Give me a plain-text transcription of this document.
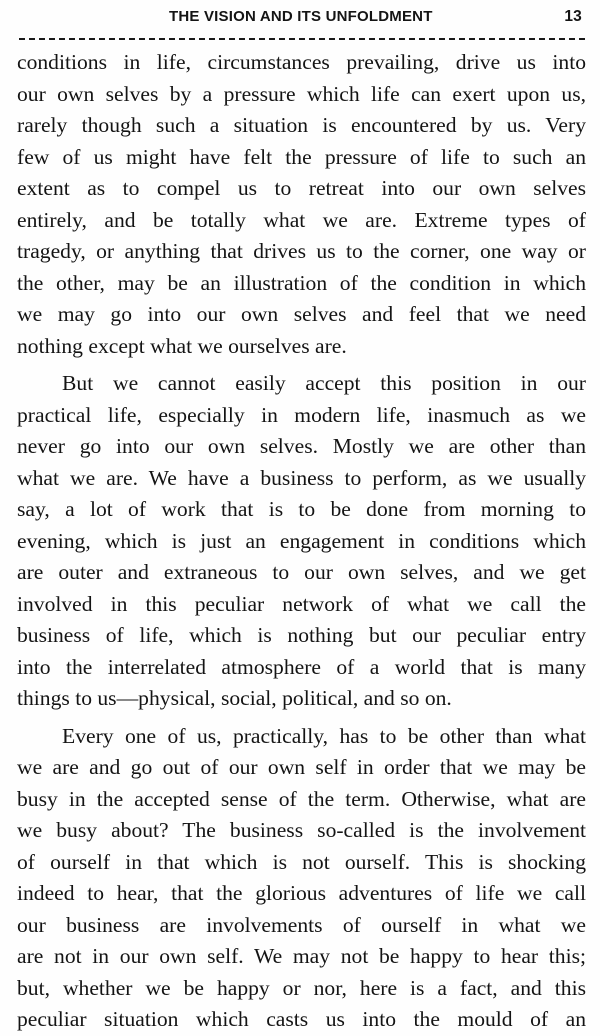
THE VISION AND ITS UNFOLDMENT	13

conditions in life, circumstances prevailing, drive us into
our own selves by a pressure which life can exert upon us,
rarely though such a situation is encountered by us. Very
few of us might have felt the pressure of life to such an
extent as to compel us to retreat into our own selves
entirely, and be totally what we are. Extreme types of
tragedy, or anything that drives us to the corner, one way or
the other, may be an illustration of the condition in which
we may go into our own selves and feel that we need
nothing except what we ourselves are.

But we cannot easily accept this position in our
practical life, especially in modern life, inasmuch as we
never go into our own selves. Mostly we are other than
what we are. We have a business to perform, as we usually
say, a lot of work that is to be done from morning to
evening, which is just an engagement in conditions which
are outer and extraneous to our own selves, and we get
involved in this peculiar network of what we call the
business of life, which is nothing but our peculiar entry
into the interrelated atmosphere of a world that is many
things to us—physical, social, political, and so on.

Every one of us, practically, has to be other than what
we are and go out of our own self in order that we may be
busy in the accepted sense of the term. Otherwise, what are
we busy about? The business so-called is the involvement
of ourself in that which is not ourself. This is shocking
indeed to hear, that the glorious adventures of life we call
our business are involvements of ourself in what we
are not in our own self. We may not be happy to hear this;
but, whether we be happy or nor, here is a fact, and this
peculiar situation which casts us into the mould of an
